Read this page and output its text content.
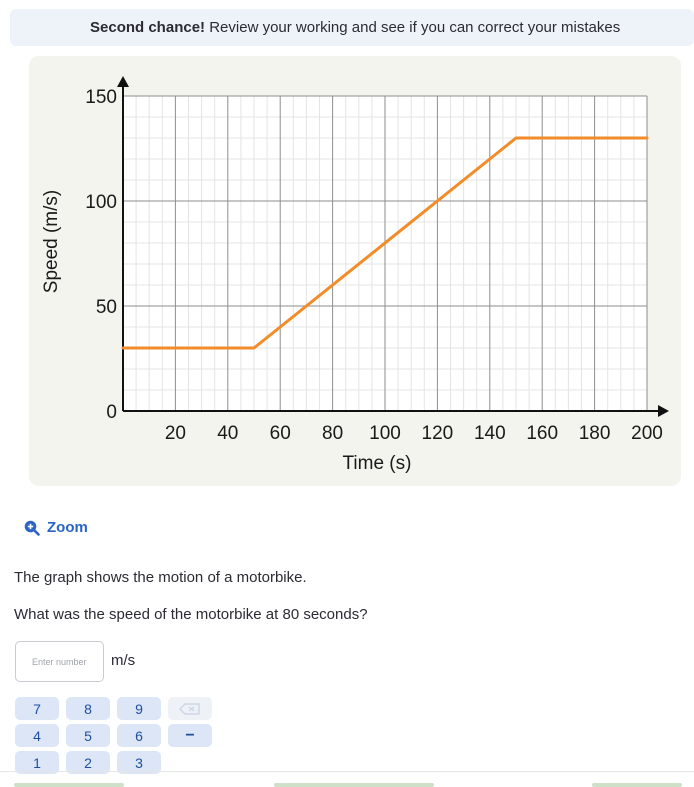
Second chance! Review your working and see if you can correct your mistakes
20 40 60 80 100 120 140 160 180 200
0
50
100
150
Time (s)
Speed (m/s)
Zoom
The graph shows the motion of a motorbike.
What was the speed of the motorbike at 80 seconds?
Enter number
m/s
7	8	9
4	5	6	−
1	2	3
